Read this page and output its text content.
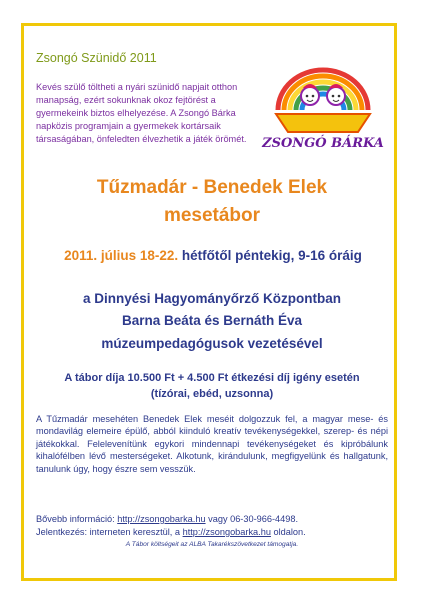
Zsongó Szünidő 2011
Kevés szülő töltheti a nyári szünidő napjait otthon manapság, ezért sokunknak okoz fejtörést a gyermekeink biztos elhelyezése. A Zsongó Bárka napközis programjain a gyermekek kortársaik társaságában, önfeledten élvezhetik a játék örömét.	ZSONGÓ BÁRKA
Tűzmadár - Benedek Elek
mesetábor
2011. július 18-22. hétfőtől péntekig, 9-16 óráig
a Dinnyési Hagyományőrző Központban
Barna Beáta és Bernáth Éva
múzeumpedagógusok vezetésével
A tábor díja 10.500 Ft + 4.500 Ft étkezési díj igény esetén (tízórai, ebéd, uzsonna)
A Tűzmadár mesehéten Benedek Elek meséit dolgozzuk fel, a magyar mese- és mondavilág elemeire épülő, abból kiinduló kreatív tevékenységekkel, szerep- és népi játékokkal. Felelevenítünk egykori mindennapi tevékenységeket és kipróbálunk kihalófélben lévő mesterségeket. Alkotunk, kirándulunk, megfigyelünk és hallgatunk, tanulunk úgy, hogy észre sem vesszük.
Bővebb információ: http://zsongobarka.hu vagy 06-30-966-4498.
Jelentkezés: interneten keresztül, a http://zsongobarka.hu oldalon.
A Tábor költségeit az ALBA Takarékszövetkezet támogatja.
